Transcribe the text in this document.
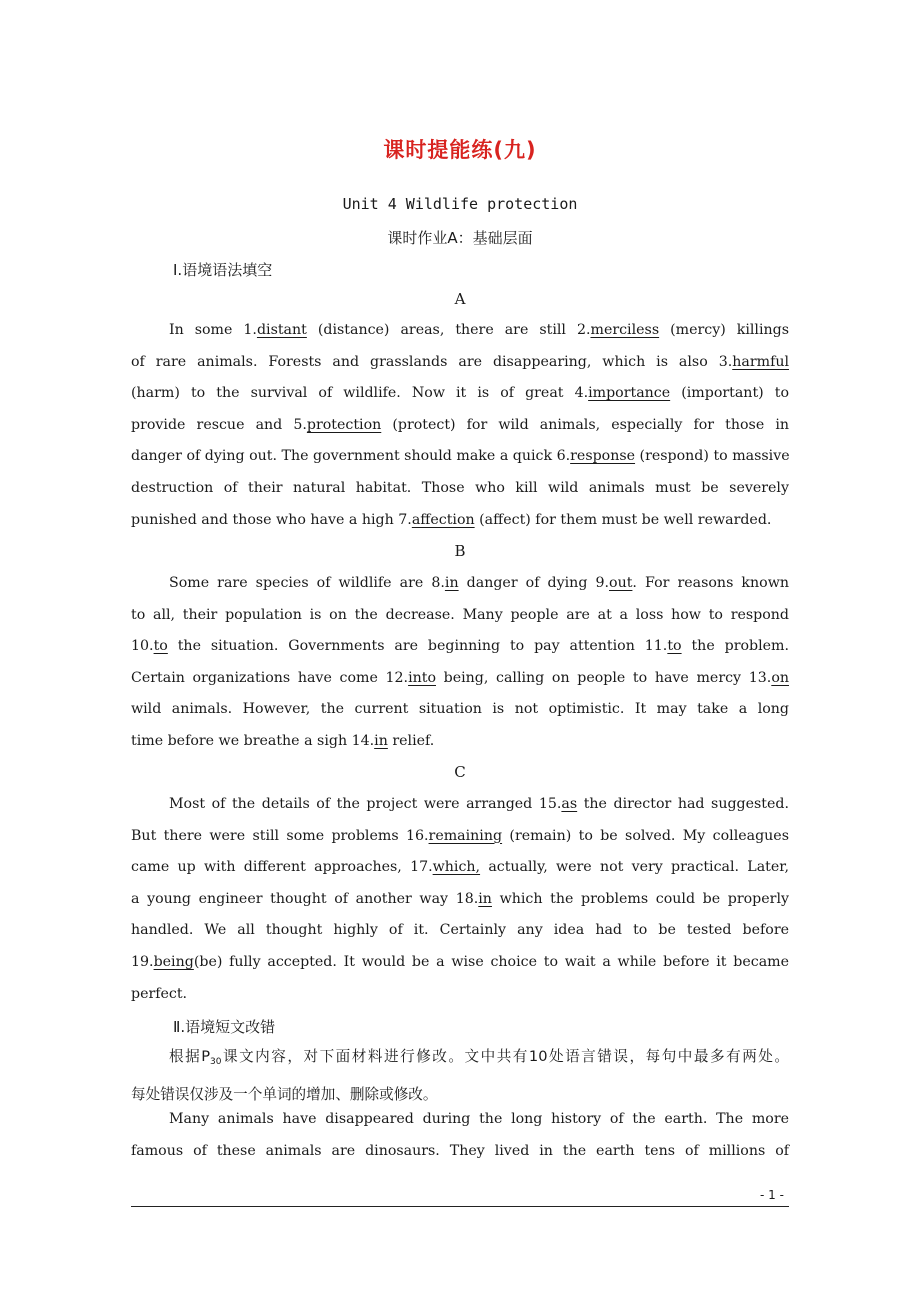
课时提能练(九)
Unit 4 Wildlife protection
课时作业A：基础层面
Ⅰ.语境语法填空
A
In some 1.distant (distance) areas, there are still 2.merciless (mercy) killings
of rare animals. Forests and grasslands are disappearing, which is also 3.harmful
(harm) to the survival of wildlife. Now it is of great 4.importance (important) to
provide rescue and 5.protection (protect) for wild animals, especially for those in
danger of dying out. The government should make a quick 6.response (respond) to massive
destruction of their natural habitat. Those who kill wild animals must be severely
punished and those who have a high 7.affection (affect) for them must be well rewarded.
B
Some rare species of wildlife are 8.in danger of dying 9.out. For reasons known
to all, their population is on the decrease. Many people are at a loss how to respond
10.to the situation. Governments are beginning to pay attention 11.to the problem.
Certain organizations have come 12.into being, calling on people to have mercy 13.on
wild animals. However, the current situation is not optimistic. It may take a long
time before we breathe a sigh 14.in relief.
C
Most of the details of the project were arranged 15.as the director had suggested.
But there were still some problems 16.remaining (remain) to be solved. My colleagues
came up with different approaches, 17.which, actually, were not very practical. Later,
a young engineer thought of another way 18.in which the problems could be properly
handled. We all thought highly of it. Certainly any idea had to be tested before
19.being(be) fully accepted. It would be a wise choice to wait a while before it became
perfect.
Ⅱ.语境短文改错
根据$P_{30}$课文内容，对下面材料进行修改。文中共有10处语言错误，每句中最多有两处。
每处错误仅涉及一个单词的增加、删除或修改。
Many animals have disappeared during the long history of the earth. The more
famous of these animals are dinosaurs. They lived in the earth tens of millions of
- 1 -
